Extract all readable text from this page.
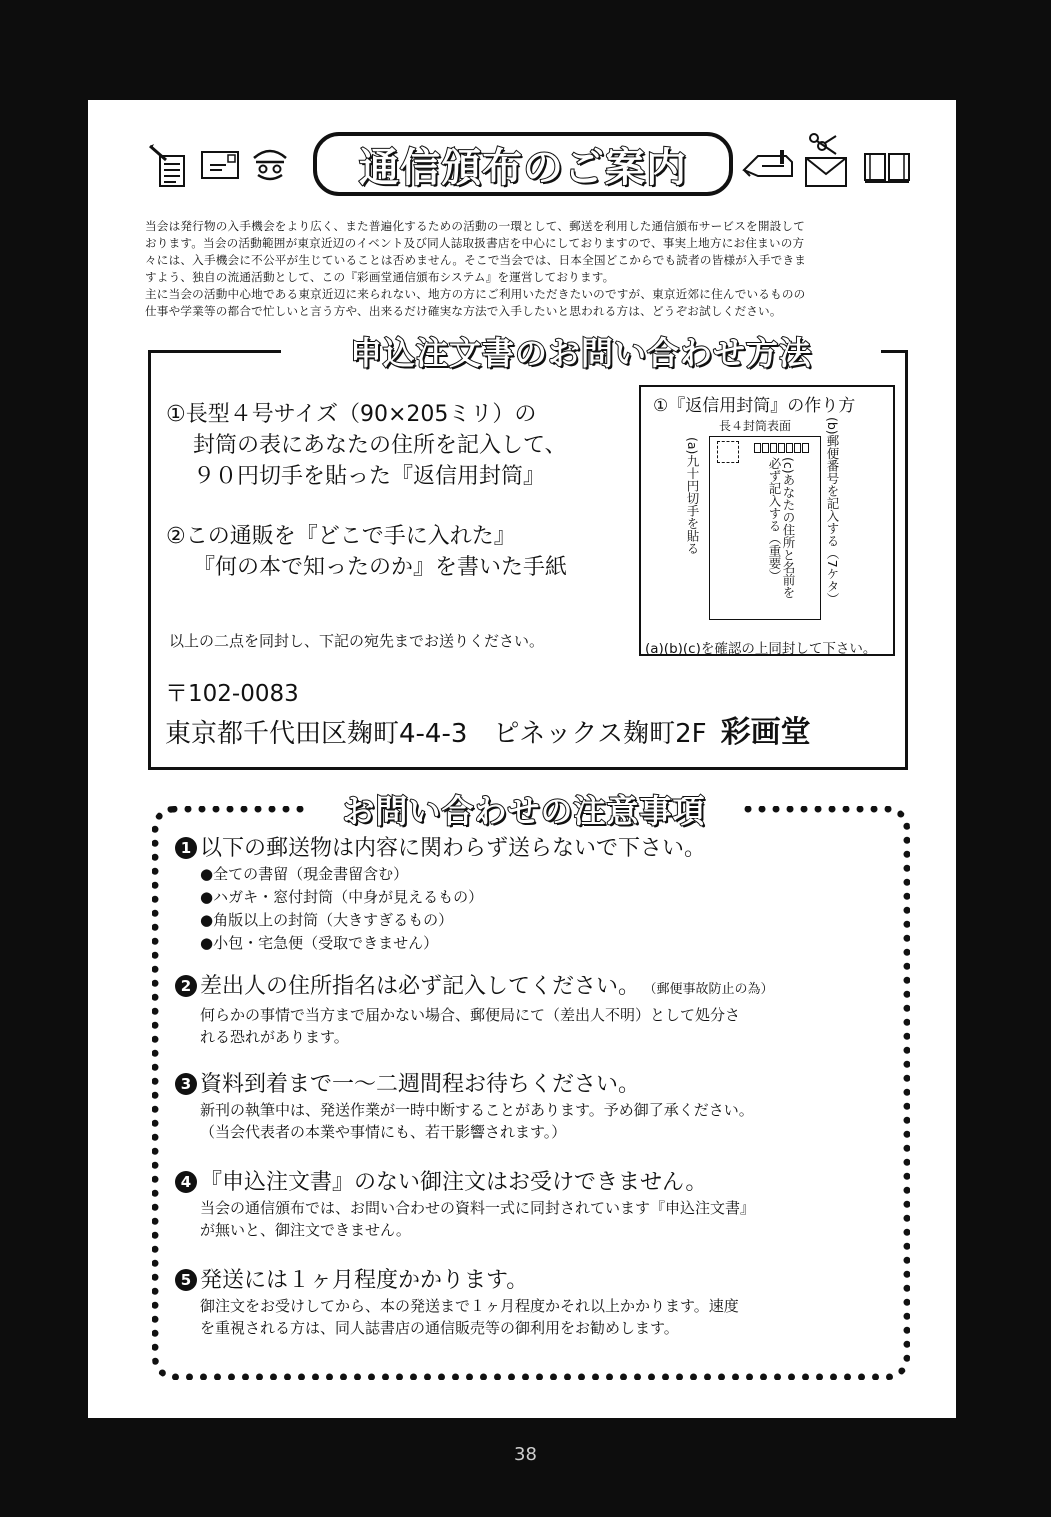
通信頒布のご案内

当会は発行物の入手機会をより広く、また普遍化するための活動の一環として、郵送を利用した通信頒布サービスを開設して

おります。当会の活動範囲が東京近辺のイベント及び同人誌取扱書店を中心にしておりますので、事実上地方にお住まいの方

々には、入手機会に不公平が生じていることは否めません。そこで当会では、日本全国どこからでも読者の皆様が入手できま

すよう、独自の流通活動として、この『彩画堂通信頒布システム』を運営しております。

主に当会の活動中心地である東京近辺に来られない、地方の方にご利用いただきたいのですが、東京近郊に住んでいるものの

仕事や学業等の都合で忙しいと言う方や、出来るだけ確実な方法で入手したいと思われる方は、どうぞお試しください。

申込注文書のお問い合わせ方法
①長型４号サイズ（90×205ミリ）の
封筒の表にあなたの住所を記入して、
９０円切手を貼った『返信用封筒』
②この通販を『どこで手に入れた』
『何の本で知ったのか』を書いた手紙
以上の二点を同封し、下記の宛先までお送りください。
〒102-0083
東京都千代田区麹町4-4-3　ピネックス麹町2F 彩画堂
①『返信用封筒』の作り方
長４封筒表面
(a)九十円切手を貼る	(b)郵便番号を記入する（7ケタ）
(c)あなたの住所と名前を
必ず記入する（重要）
(a)(b)(c)を確認の上同封して下さい。
お問い合わせの注意事項
1 以下の郵送物は内容に関わらず送らないで下さい。
●全ての書留（現金書留含む）
●ハガキ・窓付封筒（中身が見えるもの）
●角版以上の封筒（大きすぎるもの）
●小包・宅急便（受取できません）
2 差出人の住所指名は必ず記入してください。 （郵便事故防止の為）
何らかの事情で当方まで届かない場合、郵便局にて（差出人不明）として処分さ
れる恐れがあります。
3 資料到着まで一～二週間程お待ちください。
新刊の執筆中は、発送作業が一時中断することがあります。予め御了承ください。
（当会代表者の本業や事情にも、若干影響されます。）
4 『申込注文書』のない御注文はお受けできません。
当会の通信頒布では、お問い合わせの資料一式に同封されています『申込注文書』
が無いと、御注文できません。
5 発送には１ヶ月程度かかります。
御注文をお受けしてから、本の発送まで１ヶ月程度かそれ以上かかります。速度
を重視される方は、同人誌書店の通信販売等の御利用をお勧めします。
38
